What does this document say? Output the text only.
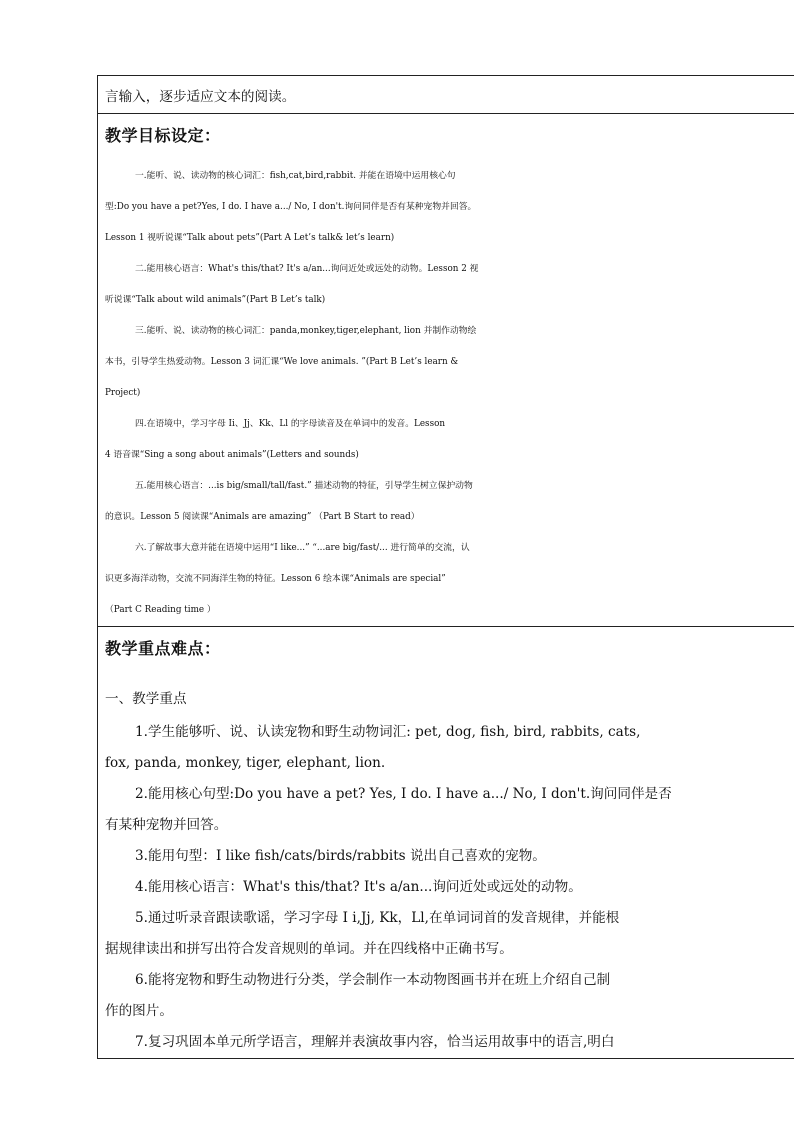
言输入，逐步适应文本的阅读。

教学目标设定：

一.能听、说、读动物的核心词汇：fish,cat,bird,rabbit. 并能在语境中运用核心句

型:Do you have a pet?Yes, I do. I have a.../ No, I don't.询问同伴是否有某种宠物并回答。

Lesson 1 视听说课“Talk about pets”(Part A Let’s talk& let’s learn)

二.能用核心语言：What's this/that? It's a/an...询问近处或远处的动物。Lesson 2 视

听说课“Talk about wild animals”(Part B Let’s talk)

三.能听、说、读动物的核心词汇：panda,monkey,tiger,elephant, lion 并制作动物绘

本书，引导学生热爱动物。Lesson 3 词汇课“We love animals. ”(Part B Let’s learn &

Project)

四.在语境中，学习字母 Ii、Jj、Kk、Ll 的字母读音及在单词中的发音。Lesson

4 语音课“Sing a song about animals”(Letters and sounds)

五.能用核心语言：...is big/small/tall/fast.” 描述动物的特征，引导学生树立保护动物

的意识。Lesson 5 阅读课“Animals are amazing” （Part B Start to read）

六.了解故事大意并能在语境中运用“I like...” “...are big/fast/... 进行简单的交流，认

识更多海洋动物，交流不同海洋生物的特征。Lesson 6 绘本课“Animals are special”

（Part C Reading time ）

教学重点难点：

一、教学重点

1.学生能够听、说、认读宠物和野生动物词汇: pet, dog, fish, bird, rabbits, cats,

fox, panda, monkey, tiger, elephant, lion.

2.能用核心句型:Do you have a pet? Yes, I do. I have a.../ No, I don't.询问同伴是否

有某种宠物并回答。

3.能用句型：I like fish/cats/birds/rabbits 说出自己喜欢的宠物。

4.能用核心语言：What's this/that? It's a/an...询问近处或远处的动物。

5.通过听录音跟读歌谣，学习字母 I i,Jj, Kk，Ll,在单词词首的发音规律，并能根

据规律读出和拼写出符合发音规则的单词。并在四线格中正确书写。

6.能将宠物和野生动物进行分类，学会制作一本动物图画书并在班上介绍自己制

作的图片。

7.复习巩固本单元所学语言，理解并表演故事内容，恰当运用故事中的语言,明白
